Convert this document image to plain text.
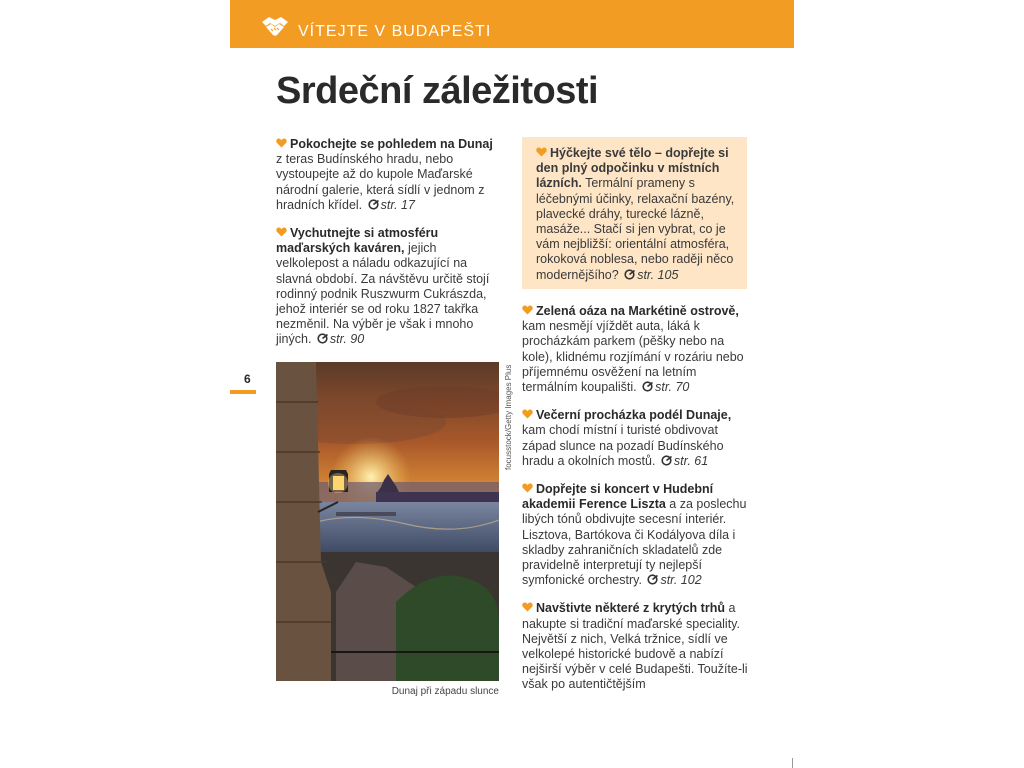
VÍTEJTE V BUDAPEŠTI
Srdeční záležitosti

Pokochejte se pohledem na Dunaj z teras Budínského hradu, nebo vystoupejte až do kupole Maďarské národní galerie, která sídlí v jednom z hradních křídel. str. 17

Vychutnejte si atmosféru maďarských kaváren, jejich velkolepost a náladu odkazující na slavná období. Za návštěvu určitě stojí rodinný podnik Ruszwurm Cukrászda, jehož interiér se od roku 1827 takřka nezměnil. Na výběr je však i mnoho jiných. str. 90

Hýčkejte své tělo – dopřejte si den plný odpočinku v místních lázních. Termální prameny s léčebnými účinky, relaxační bazény, plavecké dráhy, turecké lázně, masáže... Stačí si jen vybrat, co je vám nejbližší: orientální atmosféra, rokoková noblesa, nebo raději něco modernějšího? str. 105

Zelená oáza na Markétině ostrově, kam nesmějí vjíždět auta, láká k procházkám parkem (pěšky nebo na kole), klidnému rozjímání v rozáriu nebo příjemnému osvěžení na letním termálním koupališti. str. 70

Večerní procházka podél Dunaje, kam chodí místní i turisté obdivovat západ slunce na pozadí Budínského hradu a okolních mostů. str. 61

Dopřejte si koncert v Hudební akademii Ference Liszta a za poslechu libých tónů obdivujte secesní interiér. Lisztova, Bartókova či Kodályova díla i skladby zahraničních skladatelů zde pravidelně interpretují ty nejlepší symfonické orchestry. str. 102

Navštivte některé z krytých trhů a nakupte si tradiční maďarské speciality. Největší z nich, Velká tržnice, sídlí ve velkolepé historické budově a nabízí nejširší výběr v celé Budapešti. Toužíte-li však po autentičtějším

6	focusstock/Getty Images Plus
Dunaj při západu slunce
